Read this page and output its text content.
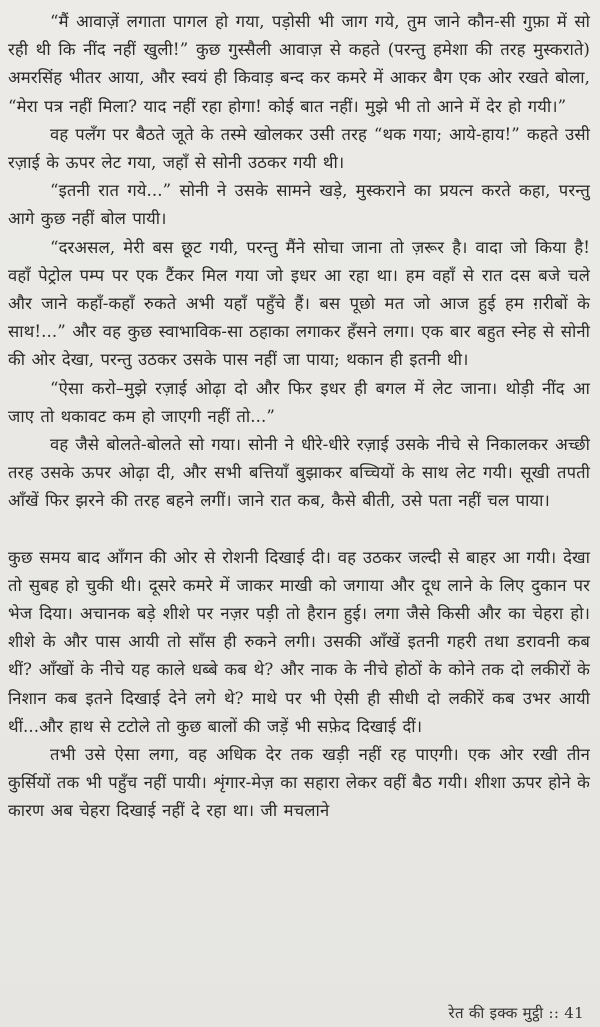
“मैं आवाज़ें लगाता पागल हो गया, पड़ोसी भी जाग गये, तुम जाने कौन-सी गुफ़ा में सो रही थी कि नींद नहीं खुली!” कुछ गुस्सैली आवाज़ से कहते (परन्तु हमेशा की तरह मुस्कराते) अमरसिंह भीतर आया, और स्वयं ही किवाड़ बन्द कर कमरे में आकर बैग एक ओर रखते बोला, “मेरा पत्र नहीं मिला? याद नहीं रहा होगा! कोई बात नहीं। मुझे भी तो आने में देर हो गयी।”

वह पलँग पर बैठते जूते के तस्मे खोलकर उसी तरह “थक गया; आये-हाय!” कहते उसी रज़ाई के ऊपर लेट गया, जहाँ से सोनी उठकर गयी थी।

“इतनी रात गये...” सोनी ने उसके सामने खड़े, मुस्कराने का प्रयत्न करते कहा, परन्तु आगे कुछ नहीं बोल पायी।

“दरअसल, मेरी बस छूट गयी, परन्तु मैंने सोचा जाना तो ज़रूर है। वादा जो किया है! वहाँ पेट्रोल पम्प पर एक टैंकर मिल गया जो इधर आ रहा था। हम वहाँ से रात दस बजे चले और जाने कहाँ-कहाँ रुकते अभी यहाँ पहुँचे हैं। बस पूछो मत जो आज हुई हम ग़रीबों के साथ!...” और वह कुछ स्वाभाविक-सा ठहाका लगाकर हँसने लगा। एक बार बहुत स्नेह से सोनी की ओर देखा, परन्तु उठकर उसके पास नहीं जा पाया; थकान ही इतनी थी।

“ऐसा करो–मुझे रज़ाई ओढ़ा दो और फिर इधर ही बगल में लेट जाना। थोड़ी नींद आ जाए तो थकावट कम हो जाएगी नहीं तो...”

वह जैसे बोलते-बोलते सो गया। सोनी ने धीरे-धीरे रज़ाई उसके नीचे से निकालकर अच्छी तरह उसके ऊपर ओढ़ा दी, और सभी बत्तियाँ बुझाकर बच्चियों के साथ लेट गयी। सूखी तपती आँखें फिर झरने की तरह बहने लगीं। जाने रात कब, कैसे बीती, उसे पता नहीं चल पाया।

कुछ समय बाद आँगन की ओर से रोशनी दिखाई दी। वह उठकर जल्दी से बाहर आ गयी। देखा तो सुबह हो चुकी थी। दूसरे कमरे में जाकर माखी को जगाया और दूध लाने के लिए दुकान पर भेज दिया। अचानक बड़े शीशे पर नज़र पड़ी तो हैरान हुई। लगा जैसे किसी और का चेहरा हो। शीशे के और पास आयी तो साँस ही रुकने लगी। उसकी आँखें इतनी गहरी तथा डरावनी कब थीं? आँखों के नीचे यह काले धब्बे कब थे? और नाक के नीचे होठों के कोने तक दो लकीरों के निशान कब इतने दिखाई देने लगे थे? माथे पर भी ऐसी ही सीधी दो लकीरें कब उभर आयी थीं...और हाथ से टटोले तो कुछ बालों की जड़ें भी सफ़ेद दिखाई दीं।

तभी उसे ऐसा लगा, वह अधिक देर तक खड़ी नहीं रह पाएगी। एक ओर रखी तीन कुर्सियों तक भी पहुँच नहीं पायी। शृंगार-मेज़ का सहारा लेकर वहीं बैठ गयी। शीशा ऊपर होने के कारण अब चेहरा दिखाई नहीं दे रहा था। जी मचलाने

रेत की इक्क मुट्ठी :: 41
